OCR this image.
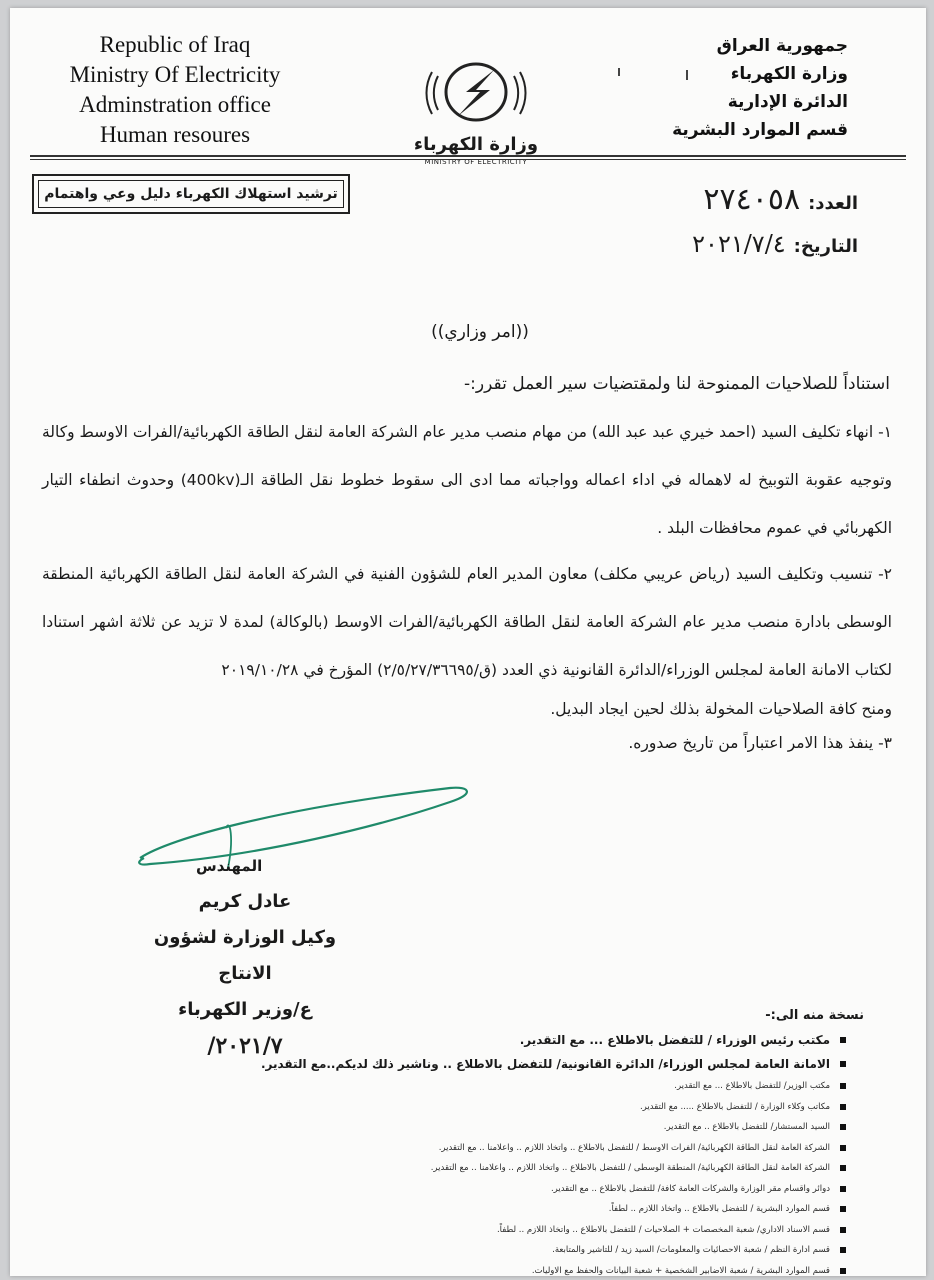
Republic of Iraq
Ministry Of Electricity
Adminstration office
Human resoures	وزارة الكهرباء
MINISTRY OF ELECTRICITY
جمهورية العراق
وزارة الكهرباء
الدائرة الإدارية
قسم الموارد البشرية
ترشيد استهلاك الكهرباء دليل وعي واهتمام	العدد:
٢٧٤٠٥٨
التاريخ:
٢٠٢١/٧/٤
((امر وزاري))
استناداً للصلاحيات الممنوحة لنا ولمقتضيات سير العمل تقرر:-
١- انهاء تكليف السيد (احمد خيري عبد عبد الله) من مهام منصب مدير عام الشركة العامة لنقل الطاقة الكهربائية/الفرات الاوسط وكالة وتوجيه عقوبة التوبيخ له لاهماله في اداء اعماله وواجباته مما ادى الى سقوط خطوط نقل الطاقة الـ(400kv) وحدوث انطفاء التيار الكهربائي في عموم محافظات البلد .
٢- تنسيب وتكليف السيد (رياض عريبي مكلف) معاون المدير العام للشؤون الفنية في الشركة العامة لنقل الطاقة الكهربائية المنطقة الوسطى بادارة منصب مدير عام الشركة العامة لنقل الطاقة الكهربائية/الفرات الاوسط (بالوكالة) لمدة لا تزيد عن ثلاثة اشهر استنادا لكتاب الامانة العامة لمجلس الوزراء/الدائرة القانونية ذي العدد (ق/٢/٥/٢٧/٣٦٦٩٥) المؤرخ في ٢٠١٩/١٠/٢٨
ومنح كافة الصلاحيات المخولة بذلك لحين ايجاد البديل.
٣- ينفذ هذا الامر اعتباراً من تاريخ صدوره.
المهندس
عادل كريم
وكيل الوزارة لشؤون الانتاج
ع/وزير الكهرباء
٢٠٢١/٧/
نسخة منه الى:-
مكتب رئيس الوزراء / للتفضل بالاطلاع ... مع التقدير.
الامانة العامة لمجلس الوزراء/ الدائرة القانونية/ للتفضل بالاطلاع .. وناشير ذلك لديكم..مع التقدير.
مكتب الوزير/ للتفضل بالاطلاع ... مع التقدير.
مكاتب وكلاء الوزارة / للتفضل بالاطلاع ..... مع التقدير.
السيد المستشار/ للتفضل بالاطلاع .. مع التقدير.
الشركة العامة لنقل الطاقة الكهربائية/ الفرات الاوسط / للتفضل بالاطلاع .. واتخاذ اللازم .. واعلامنا .. مع التقدير.
الشركة العامة لنقل الطاقة الكهربائية/ المنطقة الوسطى / للتفضل بالاطلاع .. واتخاذ اللازم .. واعلامنا .. مع التقدير.
دوائر واقسام مقر الوزارة والشركات العامة كافة/ للتفضل بالاطلاع .. مع التقدير.
قسم الموارد البشرية / للتفضل بالاطلاع .. واتخاذ اللازم .. لطفاً.
قسم الاسناد الاداري/ شعبة المخصصات + الصلاحيات / للتفضل بالاطلاع .. واتخاذ اللازم .. لطفاً.
قسم ادارة النظم / شعبة الاحصائيات والمعلومات/ السيد زيد / للتاشير والمتابعة.
قسم الموارد البشرية / شعبة الاضابير الشخصية + شعبة البيانات والحفظ مع الاوليات.
